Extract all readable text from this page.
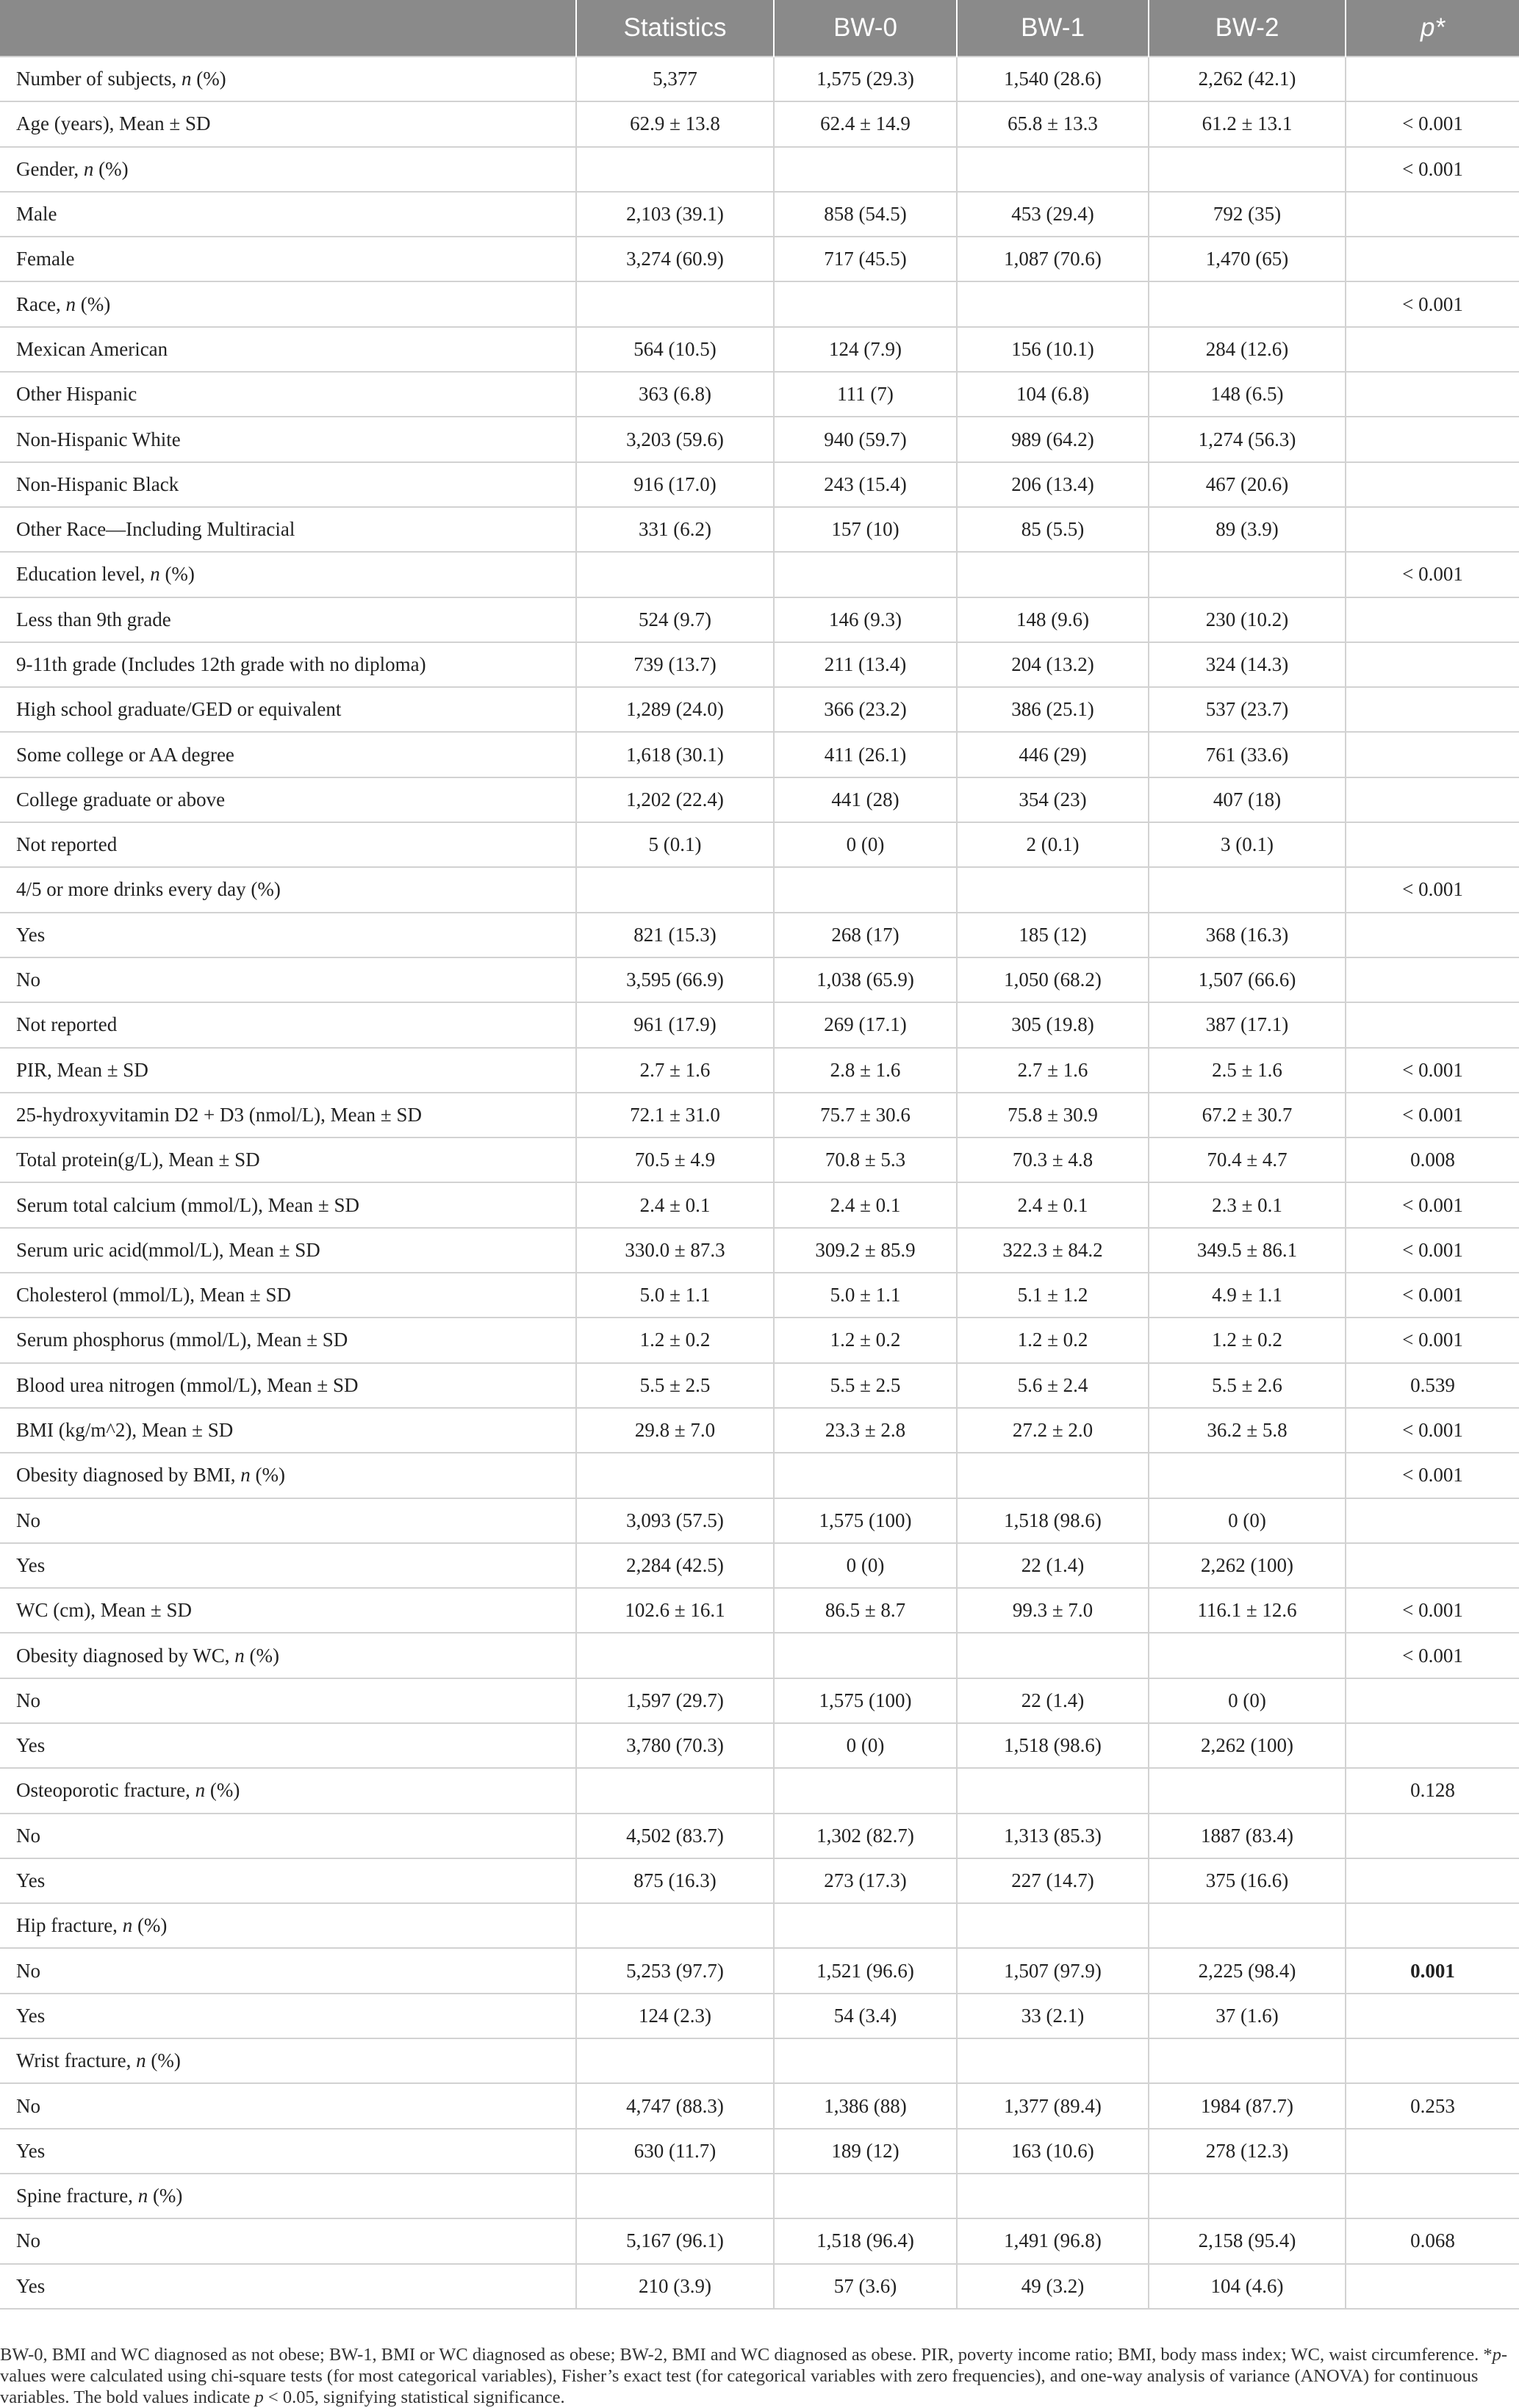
	Statistics	BW-0	BW-1	BW-2	p*
Number of subjects, n (%)	5,377	1,575 (29.3)	1,540 (28.6)	2,262 (42.1)	
Age (years), Mean ± SD	62.9 ± 13.8	62.4 ± 14.9	65.8 ± 13.3	61.2 ± 13.1	< 0.001
Gender, n (%)					< 0.001
Male	2,103 (39.1)	858 (54.5)	453 (29.4)	792 (35)	
Female	3,274 (60.9)	717 (45.5)	1,087 (70.6)	1,470 (65)	
Race, n (%)					< 0.001
Mexican American	564 (10.5)	124 (7.9)	156 (10.1)	284 (12.6)	
Other Hispanic	363 (6.8)	111 (7)	104 (6.8)	148 (6.5)	
Non-Hispanic White	3,203 (59.6)	940 (59.7)	989 (64.2)	1,274 (56.3)	
Non-Hispanic Black	916 (17.0)	243 (15.4)	206 (13.4)	467 (20.6)	
Other Race—Including Multiracial	331 (6.2)	157 (10)	85 (5.5)	89 (3.9)	
Education level, n (%)					< 0.001
Less than 9th grade	524 (9.7)	146 (9.3)	148 (9.6)	230 (10.2)	
9-11th grade (Includes 12th grade with no diploma)	739 (13.7)	211 (13.4)	204 (13.2)	324 (14.3)	
High school graduate/GED or equivalent	1,289 (24.0)	366 (23.2)	386 (25.1)	537 (23.7)	
Some college or AA degree	1,618 (30.1)	411 (26.1)	446 (29)	761 (33.6)	
College graduate or above	1,202 (22.4)	441 (28)	354 (23)	407 (18)	
Not reported	5 (0.1)	0 (0)	2 (0.1)	3 (0.1)	
4/5 or more drinks every day (%)					< 0.001
Yes	821 (15.3)	268 (17)	185 (12)	368 (16.3)	
No	3,595 (66.9)	1,038 (65.9)	1,050 (68.2)	1,507 (66.6)	
Not reported	961 (17.9)	269 (17.1)	305 (19.8)	387 (17.1)	
PIR, Mean ± SD	2.7 ± 1.6	2.8 ± 1.6	2.7 ± 1.6	2.5 ± 1.6	< 0.001
25-hydroxyvitamin D2 + D3 (nmol/L), Mean ± SD	72.1 ± 31.0	75.7 ± 30.6	75.8 ± 30.9	67.2 ± 30.7	< 0.001
Total protein(g/L), Mean ± SD	70.5 ± 4.9	70.8 ± 5.3	70.3 ± 4.8	70.4 ± 4.7	0.008
Serum total calcium (mmol/L), Mean ± SD	2.4 ± 0.1	2.4 ± 0.1	2.4 ± 0.1	2.3 ± 0.1	< 0.001
Serum uric acid(mmol/L), Mean ± SD	330.0 ± 87.3	309.2 ± 85.9	322.3 ± 84.2	349.5 ± 86.1	< 0.001
Cholesterol (mmol/L), Mean ± SD	5.0 ± 1.1	5.0 ± 1.1	5.1 ± 1.2	4.9 ± 1.1	< 0.001
Serum phosphorus (mmol/L), Mean ± SD	1.2 ± 0.2	1.2 ± 0.2	1.2 ± 0.2	1.2 ± 0.2	< 0.001
Blood urea nitrogen (mmol/L), Mean ± SD	5.5 ± 2.5	5.5 ± 2.5	5.6 ± 2.4	5.5 ± 2.6	0.539
BMI (kg/m^2), Mean ± SD	29.8 ± 7.0	23.3 ± 2.8	27.2 ± 2.0	36.2 ± 5.8	< 0.001
Obesity diagnosed by BMI, n (%)					< 0.001
No	3,093 (57.5)	1,575 (100)	1,518 (98.6)	0 (0)	
Yes	2,284 (42.5)	0 (0)	22 (1.4)	2,262 (100)	
WC (cm), Mean ± SD	102.6 ± 16.1	86.5 ± 8.7	99.3 ± 7.0	116.1 ± 12.6	< 0.001
Obesity diagnosed by WC, n (%)					< 0.001
No	1,597 (29.7)	1,575 (100)	22 (1.4)	0 (0)	
Yes	3,780 (70.3)	0 (0)	1,518 (98.6)	2,262 (100)	
Osteoporotic fracture, n (%)					0.128
No	4,502 (83.7)	1,302 (82.7)	1,313 (85.3)	1887 (83.4)	
Yes	875 (16.3)	273 (17.3)	227 (14.7)	375 (16.6)	
Hip fracture, n (%)					
No	5,253 (97.7)	1,521 (96.6)	1,507 (97.9)	2,225 (98.4)	0.001
Yes	124 (2.3)	54 (3.4)	33 (2.1)	37 (1.6)	
Wrist fracture, n (%)					
No	4,747 (88.3)	1,386 (88)	1,377 (89.4)	1984 (87.7)	0.253
Yes	630 (11.7)	189 (12)	163 (10.6)	278 (12.3)	
Spine fracture, n (%)					
No	5,167 (96.1)	1,518 (96.4)	1,491 (96.8)	2,158 (95.4)	0.068
Yes	210 (3.9)	57 (3.6)	49 (3.2)	104 (4.6)	
BW-0, BMI and WC diagnosed as not obese; BW-1, BMI or WC diagnosed as obese; BW-2, BMI and WC diagnosed as obese. PIR, poverty income ratio; BMI, body mass index; WC, waist circumference. *p-values were calculated using chi-square tests (for most categorical variables), Fisher’s exact test (for categorical variables with zero frequencies), and one-way analysis of variance (ANOVA) for continuous variables. The bold values indicate p < 0.05, signifying statistical significance.
